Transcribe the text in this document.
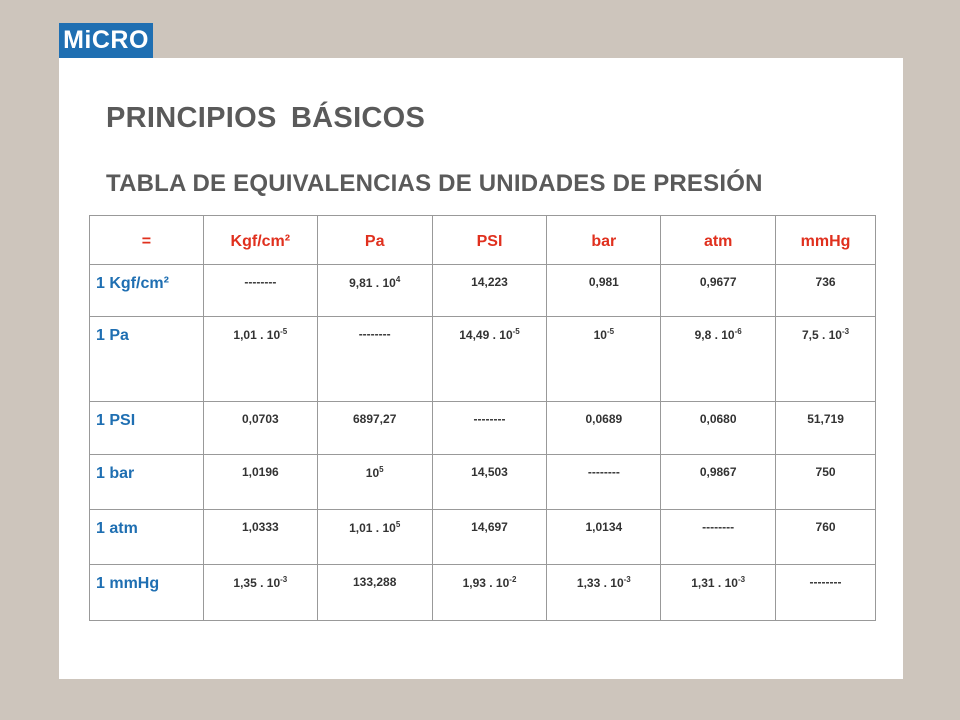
MiCRO
PRINCIPIOS BÁSICOS
TABLA DE EQUIVALENCIAS DE UNIDADES DE PRESIÓN
=	Kgf/cm²	Pa	PSI	bar	atm	mmHg
1 Kgf/cm²	--------	9,81 . $10^4$	14,223	0,981	0,9677	736
1 Pa	1,01 . $10^{-5}$	--------	14,49 . $10^{-5}$	$10^{-5}$	9,8 . $10^{-6}$	7,5 . $10^{-3}$
1 PSI	0,0703	6897,27	--------	0,0689	0,0680	51,719
1 bar	1,0196	$10^5$	14,503	--------	0,9867	750
1 atm	1,0333	1,01 . $10^5$	14,697	1,0134	--------	760
1 mmHg	1,35 . $10^{-3}$	133,288	1,93 . $10^{-2}$	1,33 . $10^{-3}$	1,31 . $10^{-3}$	--------
